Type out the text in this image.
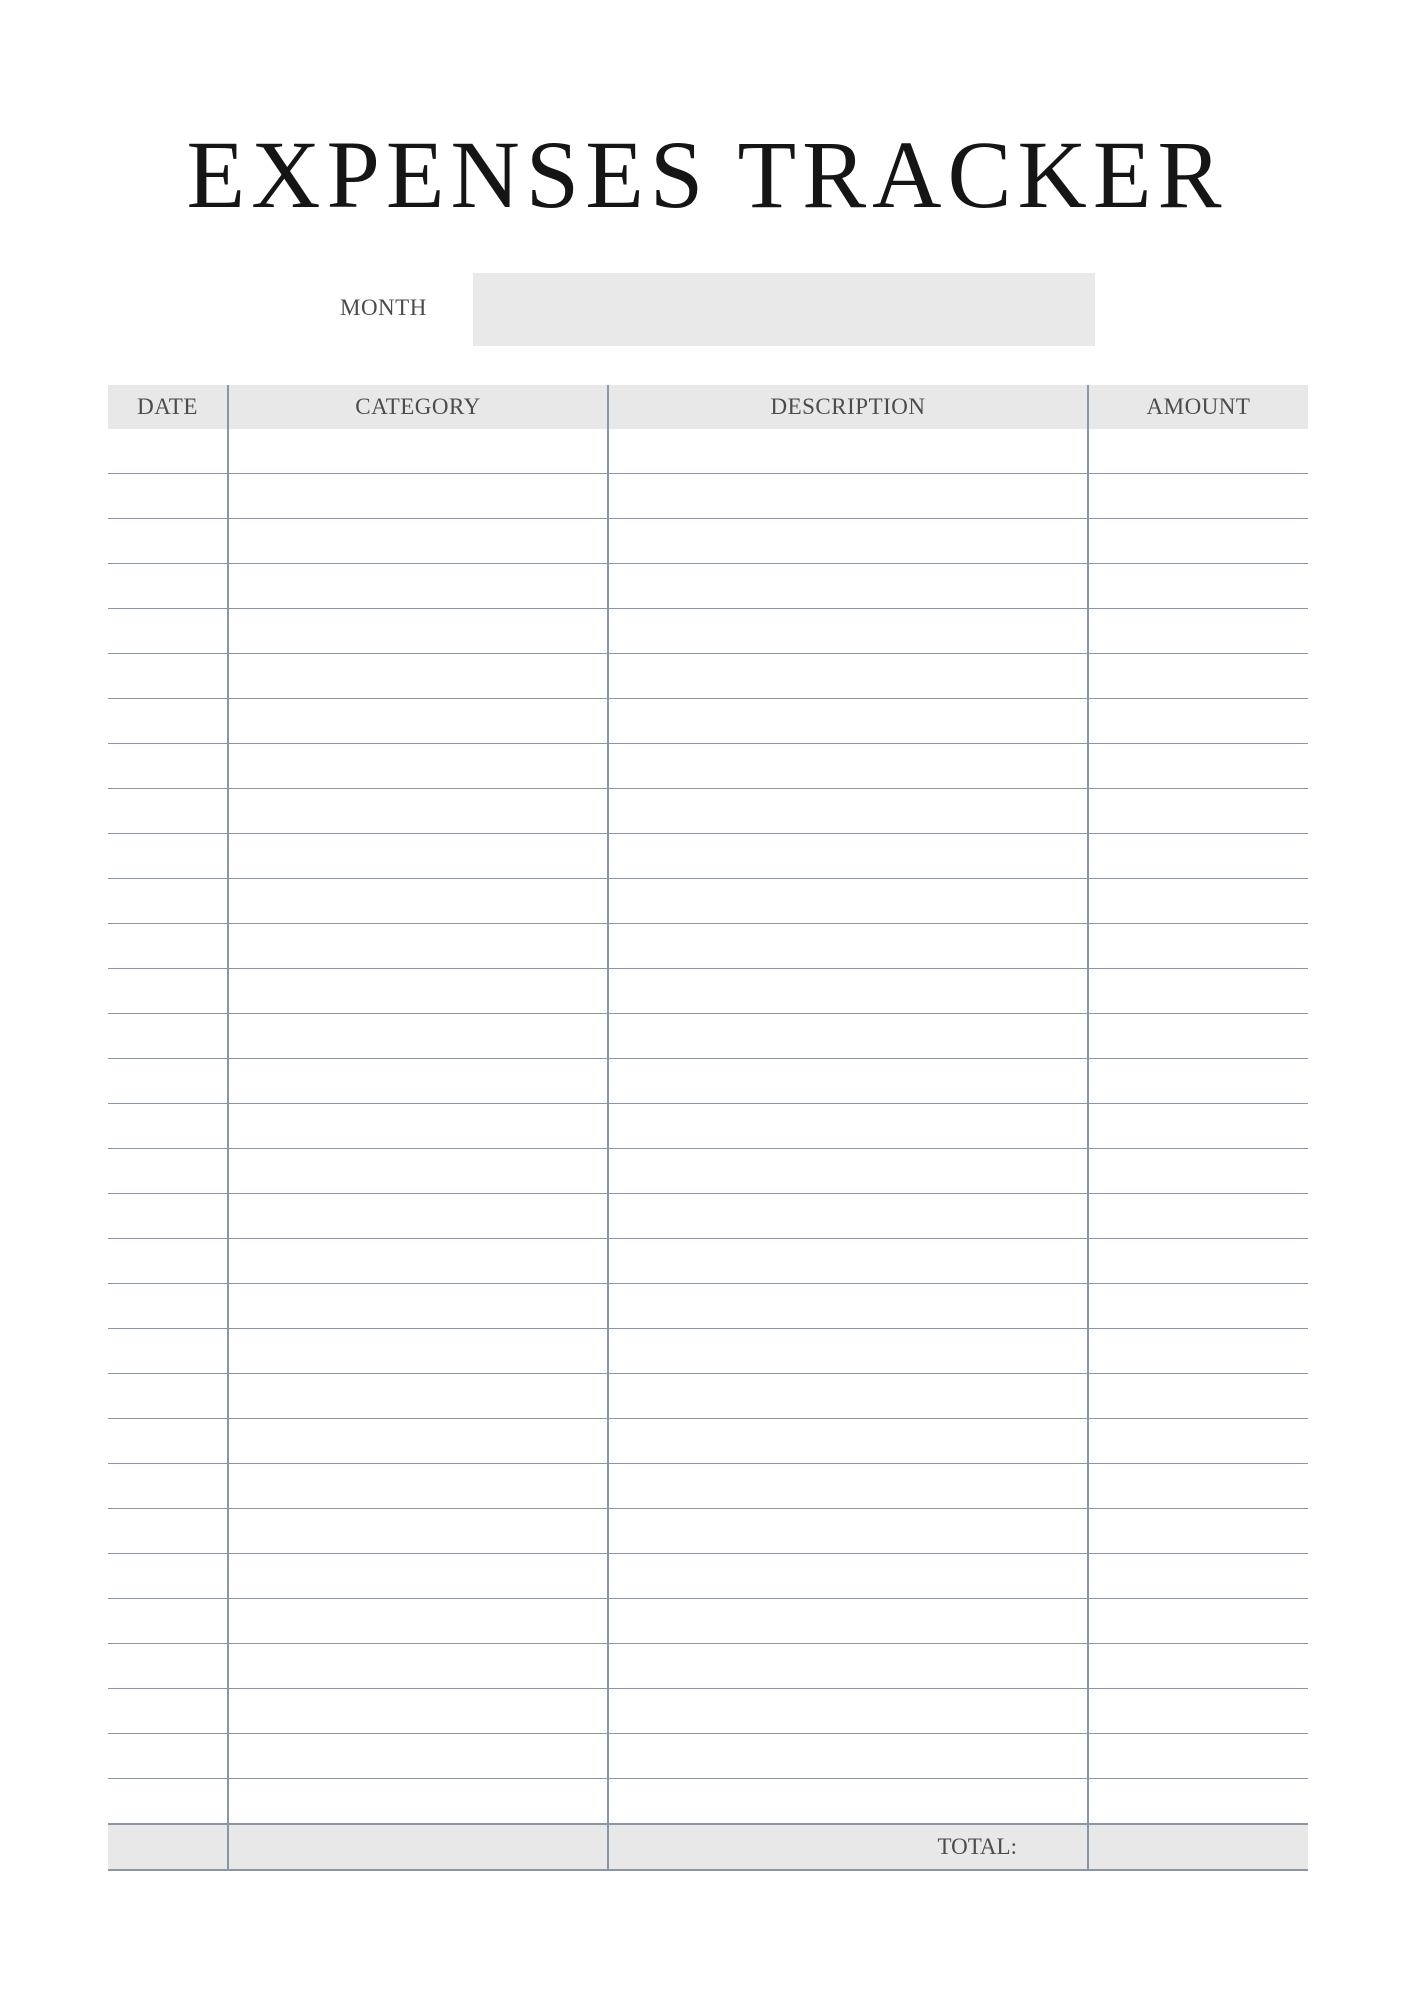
EXPENSES TRACKER
MONTH
DATE	CATEGORY	DESCRIPTION	AMOUNT

		TOTAL:	
